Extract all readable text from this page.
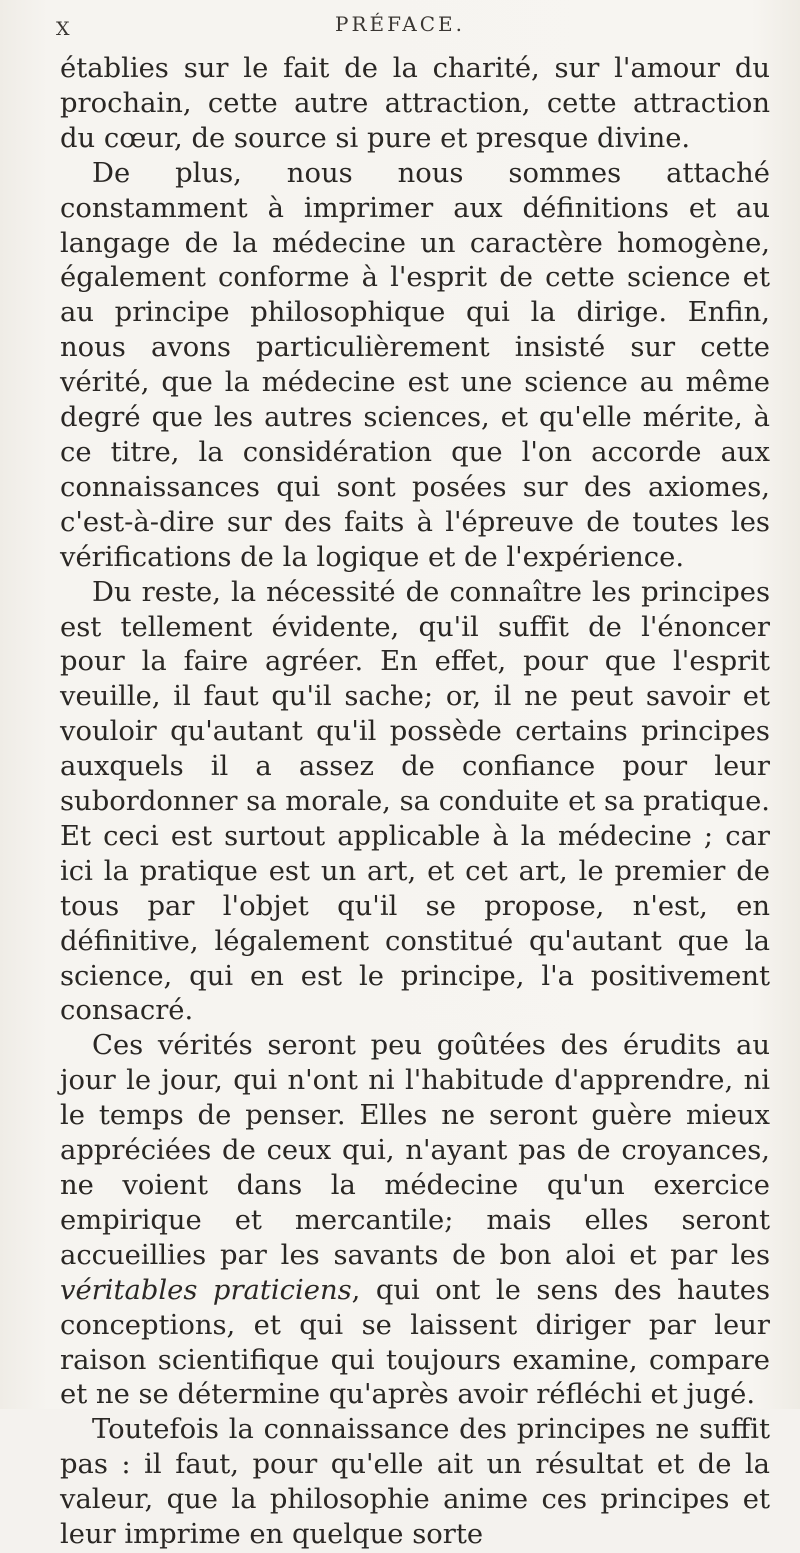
X	PRÉFACE.

établies sur le fait de la charité, sur l'amour du prochain, cette autre attraction, cette attraction du cœur, de source si pure et presque divine.

De plus, nous nous sommes attaché constamment à imprimer aux définitions et au langage de la médecine un caractère homogène, également conforme à l'esprit de cette science et au principe philosophique qui la dirige. Enfin, nous avons particulièrement insisté sur cette vérité, que la médecine est une science au même degré que les autres sciences, et qu'elle mérite, à ce titre, la considération que l'on accorde aux connaissances qui sont posées sur des axiomes, c'est-à-dire sur des faits à l'épreuve de toutes les vérifications de la logique et de l'expérience.

Du reste, la nécessité de connaître les principes est tellement évidente, qu'il suffit de l'énoncer pour la faire agréer. En effet, pour que l'esprit veuille, il faut qu'il sache; or, il ne peut savoir et vouloir qu'autant qu'il possède certains principes auxquels il a assez de confiance pour leur subordonner sa morale, sa conduite et sa pratique. Et ceci est surtout applicable à la médecine ; car ici la pratique est un art, et cet art, le premier de tous par l'objet qu'il se propose, n'est, en définitive, légalement constitué qu'autant que la science, qui en est le principe, l'a positivement consacré.

Ces vérités seront peu goûtées des érudits au jour le jour, qui n'ont ni l'habitude d'apprendre, ni le temps de penser. Elles ne seront guère mieux appréciées de ceux qui, n'ayant pas de croyances, ne voient dans la médecine qu'un exercice empirique et mercantile; mais elles seront accueillies par les savants de bon aloi et par les véritables praticiens, qui ont le sens des hautes conceptions, et qui se laissent diriger par leur raison scientifique qui toujours examine, compare et ne se détermine qu'après avoir réfléchi et jugé.

Toutefois la connaissance des principes ne suffit pas : il faut, pour qu'elle ait un résultat et de la valeur, que la philosophie anime ces principes et leur imprime en quelque sorte
